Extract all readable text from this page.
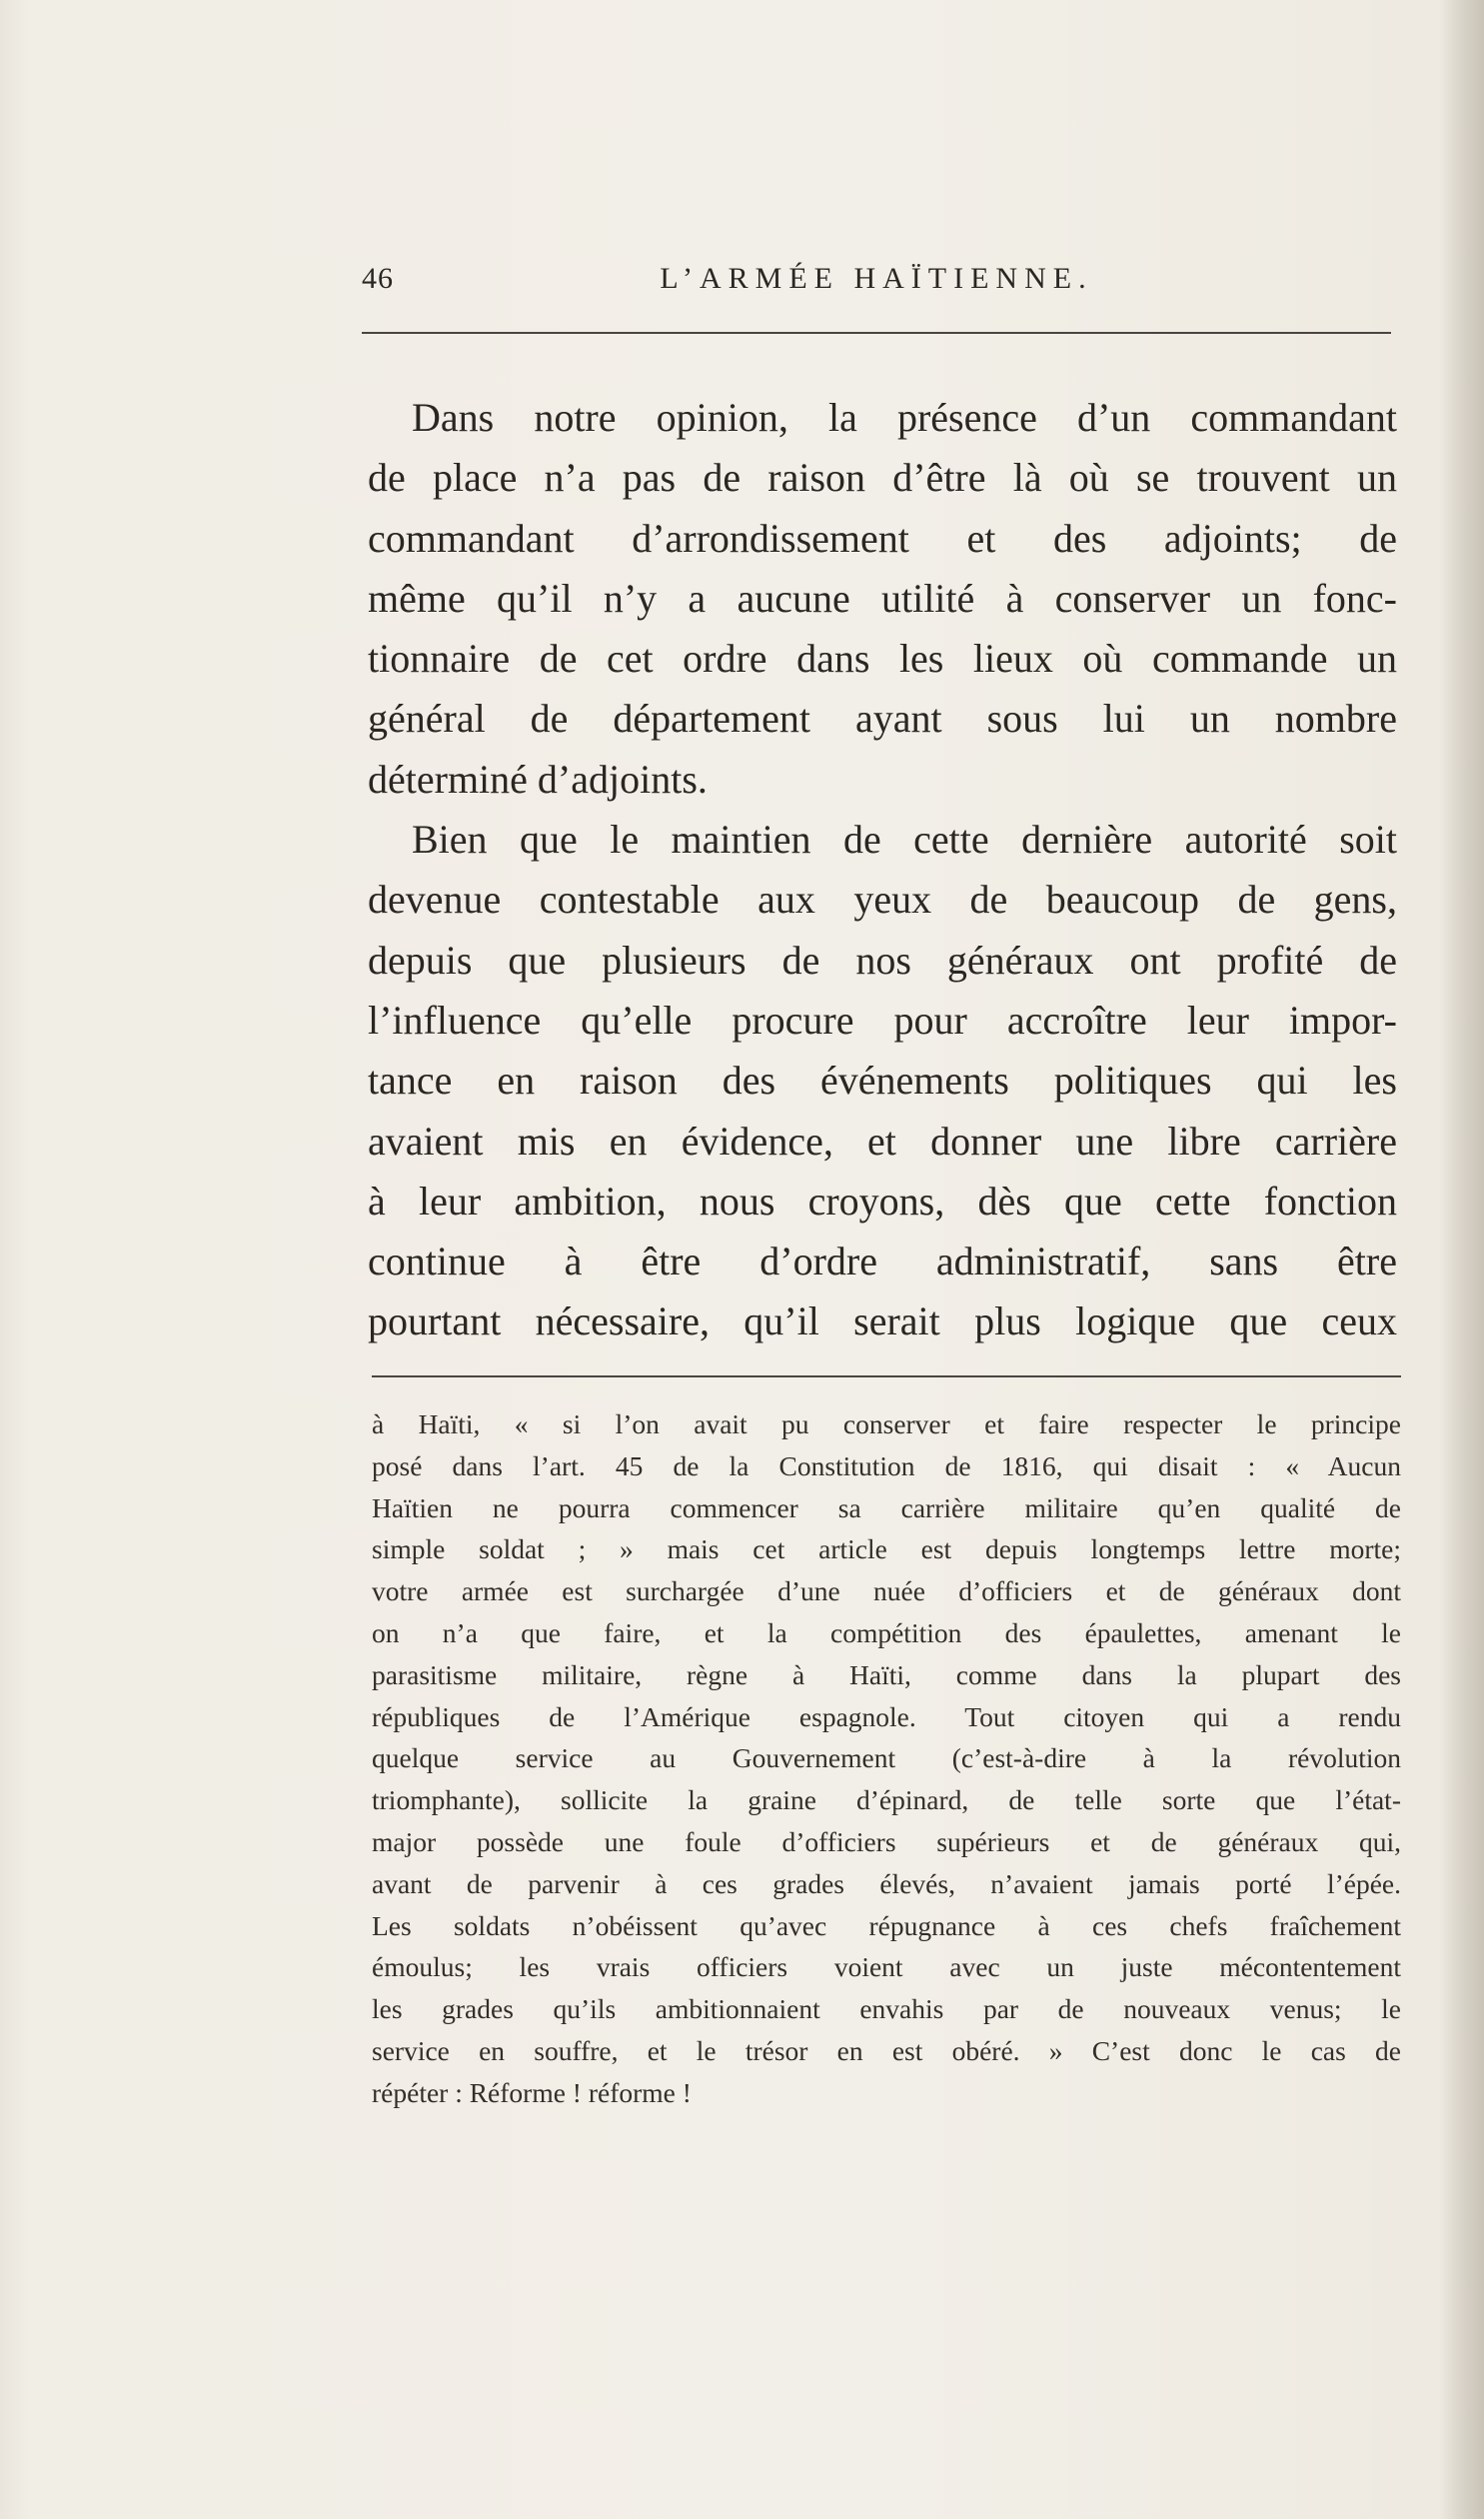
46	L’ARMÉE HAÏTIENNE.
Dans notre opinion, la présence d’un commandant
de place n’a pas de raison d’être là où se trouvent un
commandant d’arrondissement et des adjoints; de
même qu’il n’y a aucune utilité à conserver un fonc-
tionnaire de cet ordre dans les lieux où commande un
général de département ayant sous lui un nombre
déterminé d’adjoints.
Bien que le maintien de cette dernière autorité soit
devenue contestable aux yeux de beaucoup de gens,
depuis que plusieurs de nos généraux ont profité de
l’influence qu’elle procure pour accroître leur impor-
tance en raison des événements politiques qui les
avaient mis en évidence, et donner une libre carrière
à leur ambition, nous croyons, dès que cette fonction
continue à être d’ordre administratif, sans être
pourtant nécessaire, qu’il serait plus logique que ceux
à Haïti, « si l’on avait pu conserver et faire respecter le principe
posé dans l’art. 45 de la Constitution de 1816, qui disait : « Aucun
Haïtien ne pourra commencer sa carrière militaire qu’en qualité de
simple soldat ; » mais cet article est depuis longtemps lettre morte;
votre armée est surchargée d’une nuée d’officiers et de généraux dont
on n’a que faire, et la compétition des épaulettes, amenant le
parasitisme militaire, règne à Haïti, comme dans la plupart des
républiques de l’Amérique espagnole. Tout citoyen qui a rendu
quelque service au Gouvernement (c’est-à-dire à la révolution
triomphante), sollicite la graine d’épinard, de telle sorte que l’état-
major possède une foule d’officiers supérieurs et de généraux qui,
avant de parvenir à ces grades élevés, n’avaient jamais porté l’épée.
Les soldats n’obéissent qu’avec répugnance à ces chefs fraîchement
émoulus; les vrais officiers voient avec un juste mécontentement
les grades qu’ils ambitionnaient envahis par de nouveaux venus; le
service en souffre, et le trésor en est obéré. » C’est donc le cas de
répéter : Réforme ! réforme !
